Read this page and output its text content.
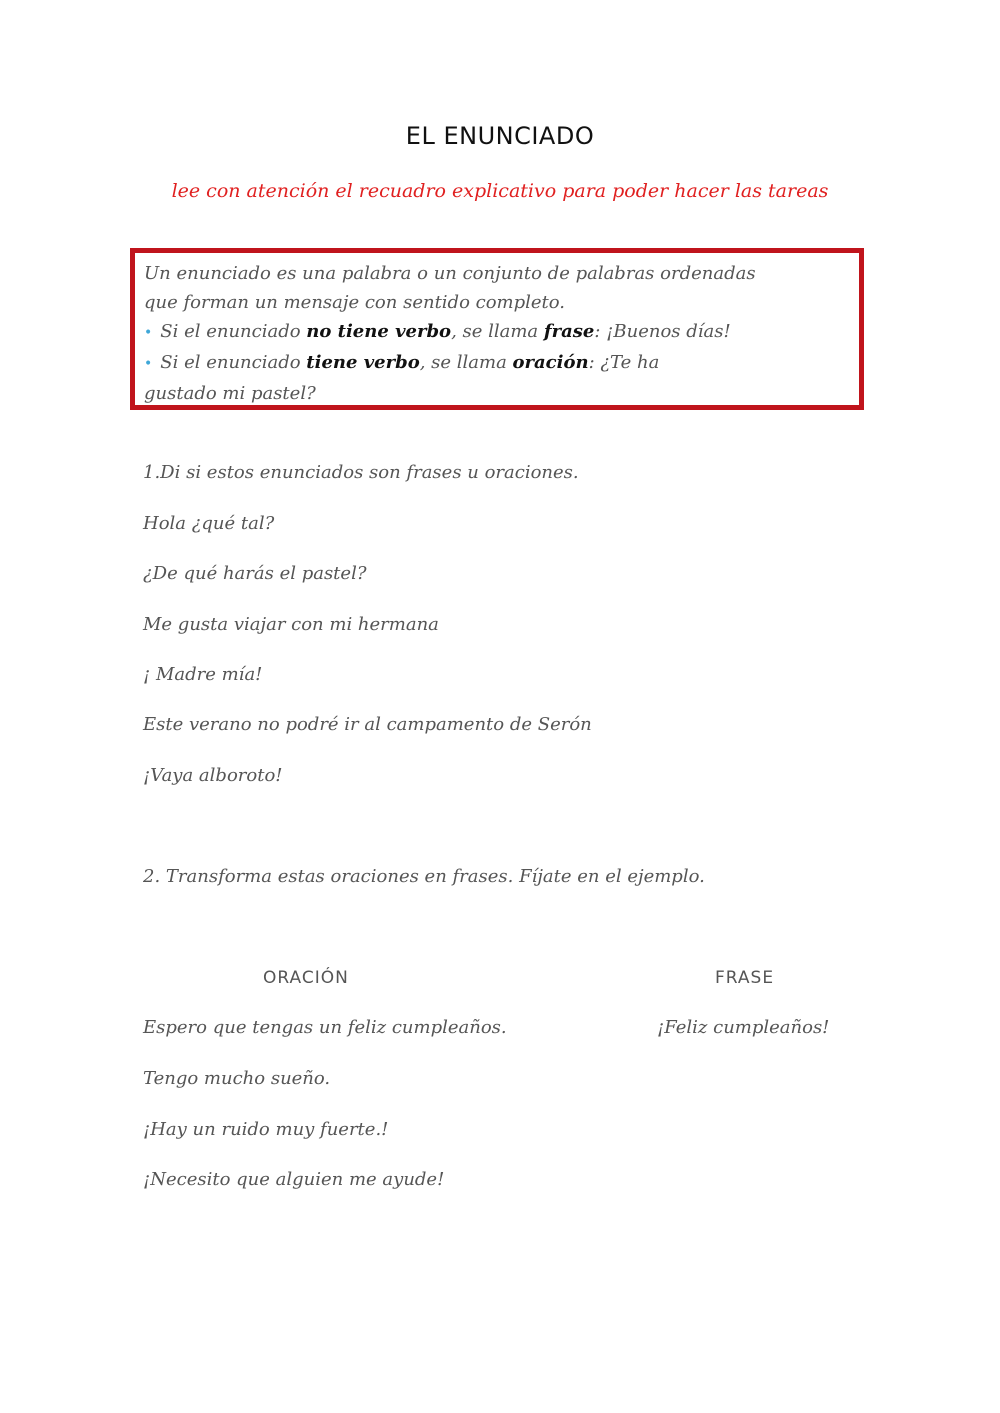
EL ENUNCIADO
lee con atención el recuadro explicativo para poder hacer las tareas
Un enunciado es una palabra o un conjunto de palabras ordenadas
que forman un mensaje con sentido completo.
• Si el enunciado no tiene verbo, se llama frase: ¡Buenos días!
• Si el enunciado tiene verbo, se llama oración: ¿Te ha
gustado mi pastel?
1.Di si estos enunciados son frases u oraciones.
Hola ¿qué tal?
¿De qué harás el pastel?
Me gusta viajar con mi hermana
¡ Madre mía!
Este verano no podré ir al campamento de Serón
¡Vaya alboroto!
2. Transforma estas oraciones en frases. Fíjate en el ejemplo.
ORACIÓN	FRASE
Espero que tengas un feliz cumpleaños.	¡Feliz cumpleaños!
Tengo mucho sueño.
¡Hay un ruido muy fuerte.!
¡Necesito que alguien me ayude!
